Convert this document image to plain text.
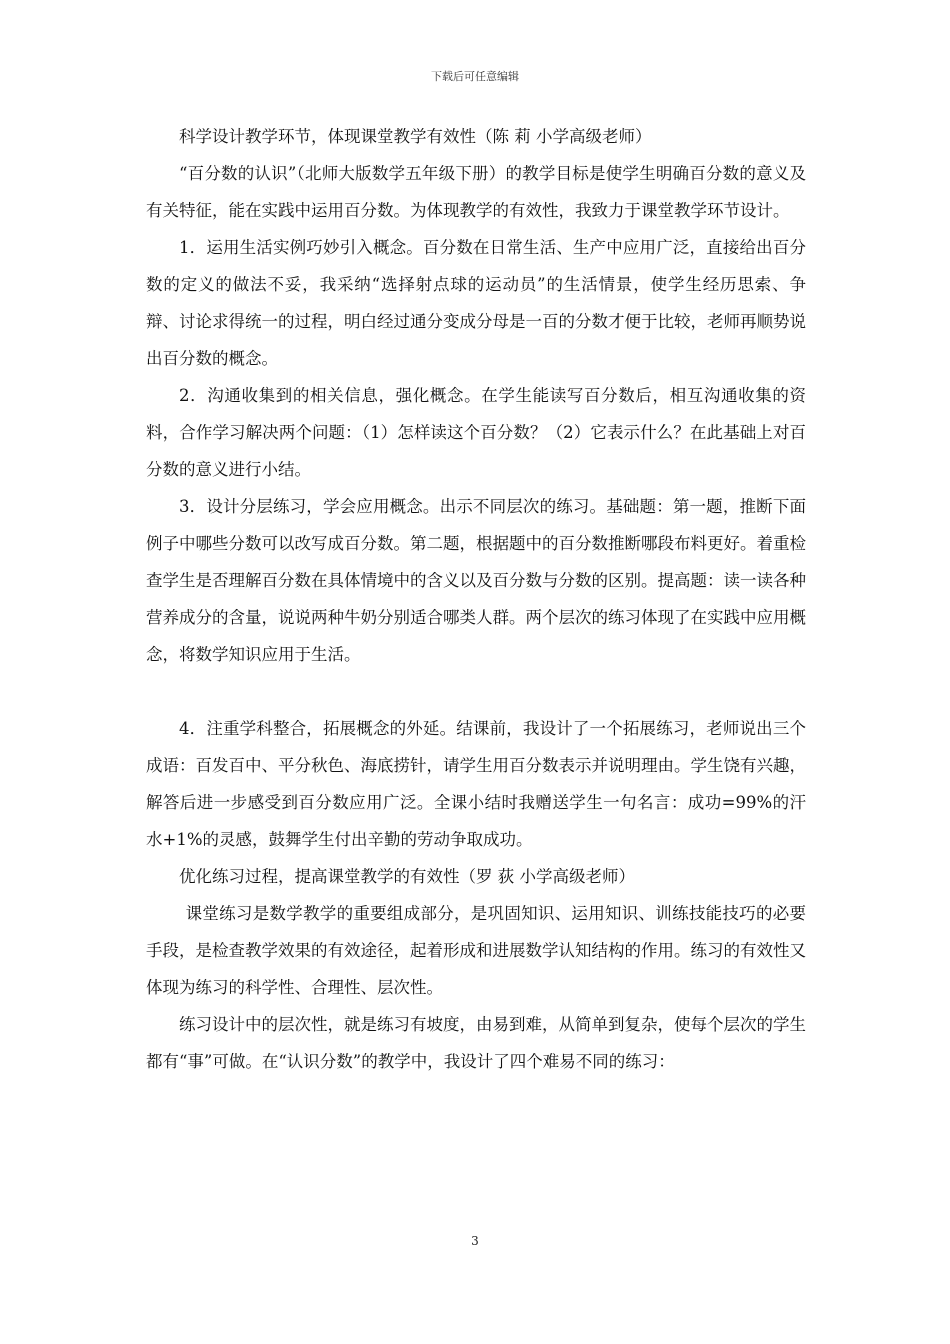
下载后可任意编辑

科学设计教学环节，体现课堂教学有效性（陈 莉 小学高级老师）

“百分数的认识”（北师大版数学五年级下册）的教学目标是使学生明确百分数的意义及有关特征，能在实践中运用百分数。为体现教学的有效性，我致力于课堂教学环节设计。

1．运用生活实例巧妙引入概念。百分数在日常生活、生产中应用广泛，直接给出百分数的定义的做法不妥，我采纳“选择射点球的运动员”的生活情景，使学生经历思索、争辩、讨论求得统一的过程，明白经过通分变成分母是一百的分数才便于比较，老师再顺势说出百分数的概念。

2．沟通收集到的相关信息，强化概念。在学生能读写百分数后，相互沟通收集的资料，合作学习解决两个问题：（1）怎样读这个百分数？（2）它表示什么？在此基础上对百分数的意义进行小结。

3．设计分层练习，学会应用概念。出示不同层次的练习。基础题：第一题，推断下面例子中哪些分数可以改写成百分数。第二题，根据题中的百分数推断哪段布料更好。着重检查学生是否理解百分数在具体情境中的含义以及百分数与分数的区别。提高题：读一读各种营养成分的含量，说说两种牛奶分别适合哪类人群。两个层次的练习体现了在实践中应用概念，将数学知识应用于生活。

4．注重学科整合，拓展概念的外延。结课前，我设计了一个拓展练习，老师说出三个成语：百发百中、平分秋色、海底捞针，请学生用百分数表示并说明理由。学生饶有兴趣，解答后进一步感受到百分数应用广泛。全课小结时我赠送学生一句名言：成功=99%的汗水+1%的灵感，鼓舞学生付出辛勤的劳动争取成功。

优化练习过程，提高课堂教学的有效性（罗 荻 小学高级老师）

课堂练习是数学教学的重要组成部分，是巩固知识、运用知识、训练技能技巧的必要手段，是检查教学效果的有效途径，起着形成和进展数学认知结构的作用。练习的有效性又体现为练习的科学性、合理性、层次性。

练习设计中的层次性，就是练习有坡度，由易到难，从简单到复杂，使每个层次的学生都有“事”可做。在“认识分数”的教学中，我设计了四个难易不同的练习：

3
